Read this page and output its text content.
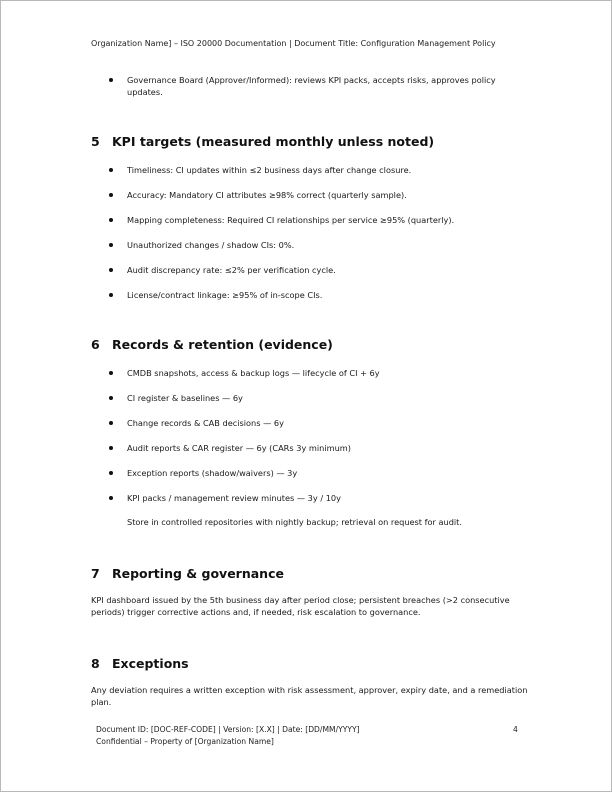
Organization Name] – ISO 20000 Documentation | Document Title: Configuration Management Policy
Governance Board (Approver/Informed): reviews KPI packs, accepts risks, approves policy updates.
5 KPI targets (measured monthly unless noted)
Timeliness: CI updates within ≤2 business days after change closure.
Accuracy: Mandatory CI attributes ≥98% correct (quarterly sample).
Mapping completeness: Required CI relationships per service ≥95% (quarterly).
Unauthorized changes / shadow CIs: 0%.
Audit discrepancy rate: ≤2% per verification cycle.
License/contract linkage: ≥95% of in-scope CIs.
6 Records & retention (evidence)
CMDB snapshots, access & backup logs — lifecycle of CI + 6y
CI register & baselines — 6y
Change records & CAB decisions — 6y
Audit reports & CAR register — 6y (CARs 3y minimum)
Exception reports (shadow/waivers) — 3y
KPI packs / management review minutes — 3y / 10y
Store in controlled repositories with nightly backup; retrieval on request for audit.
7 Reporting & governance
KPI dashboard issued by the 5th business day after period close; persistent breaches (>2 consecutive periods) trigger corrective actions and, if needed, risk escalation to governance.
8 Exceptions
Any deviation requires a written exception with risk assessment, approver, expiry date, and a remediation plan.
Document ID: [DOC-REF-CODE] | Version: [X.X] | Date: [DD/MM/YYYY]
Confidential – Property of [Organization Name]
4
